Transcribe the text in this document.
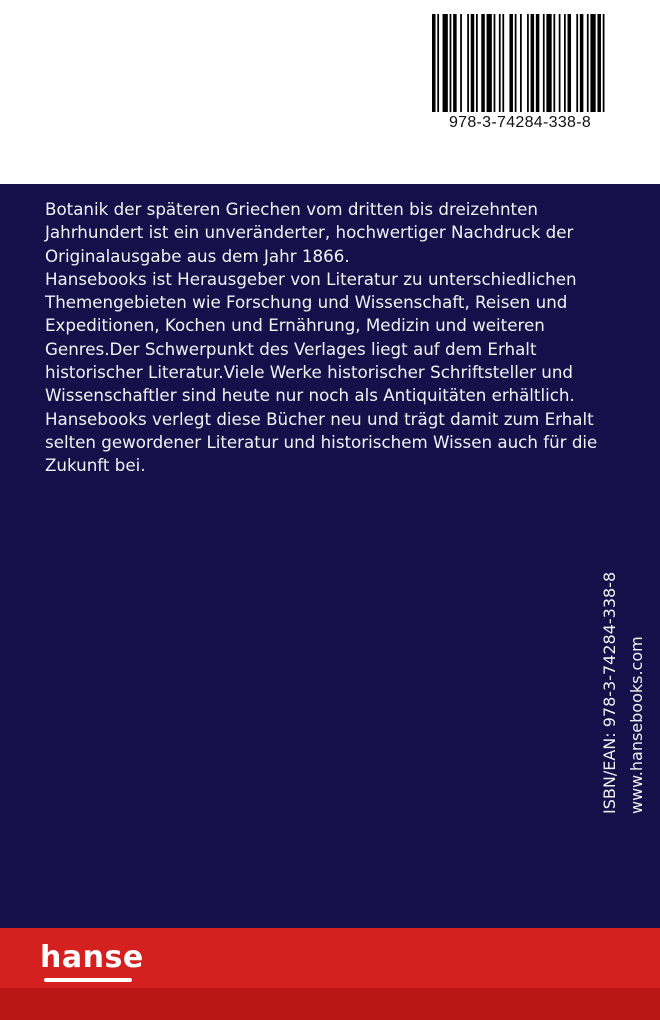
978-3-74284-338-8

Botanik der späteren Griechen vom dritten bis dreizehnten Jahrhundert ist ein unveränderter, hochwertiger Nachdruck der Originalausgabe aus dem Jahr 1866.

Hansebooks ist Herausgeber von Literatur zu unterschiedlichen Themengebieten wie Forschung und Wissenschaft, Reisen und Expeditionen, Kochen und Ernährung, Medizin und weiteren Genres.Der Schwerpunkt des Verlages liegt auf dem Erhalt historischer Literatur.Viele Werke historischer Schriftsteller und Wissenschaftler sind heute nur noch als Antiquitäten erhältlich. Hansebooks verlegt diese Bücher neu und trägt damit zum Erhalt selten gewordener Literatur und historischem Wissen auch für die Zukunft bei.

ISBN/EAN: 978-3-74284-338-8 www.hansebooks.com
hanse
